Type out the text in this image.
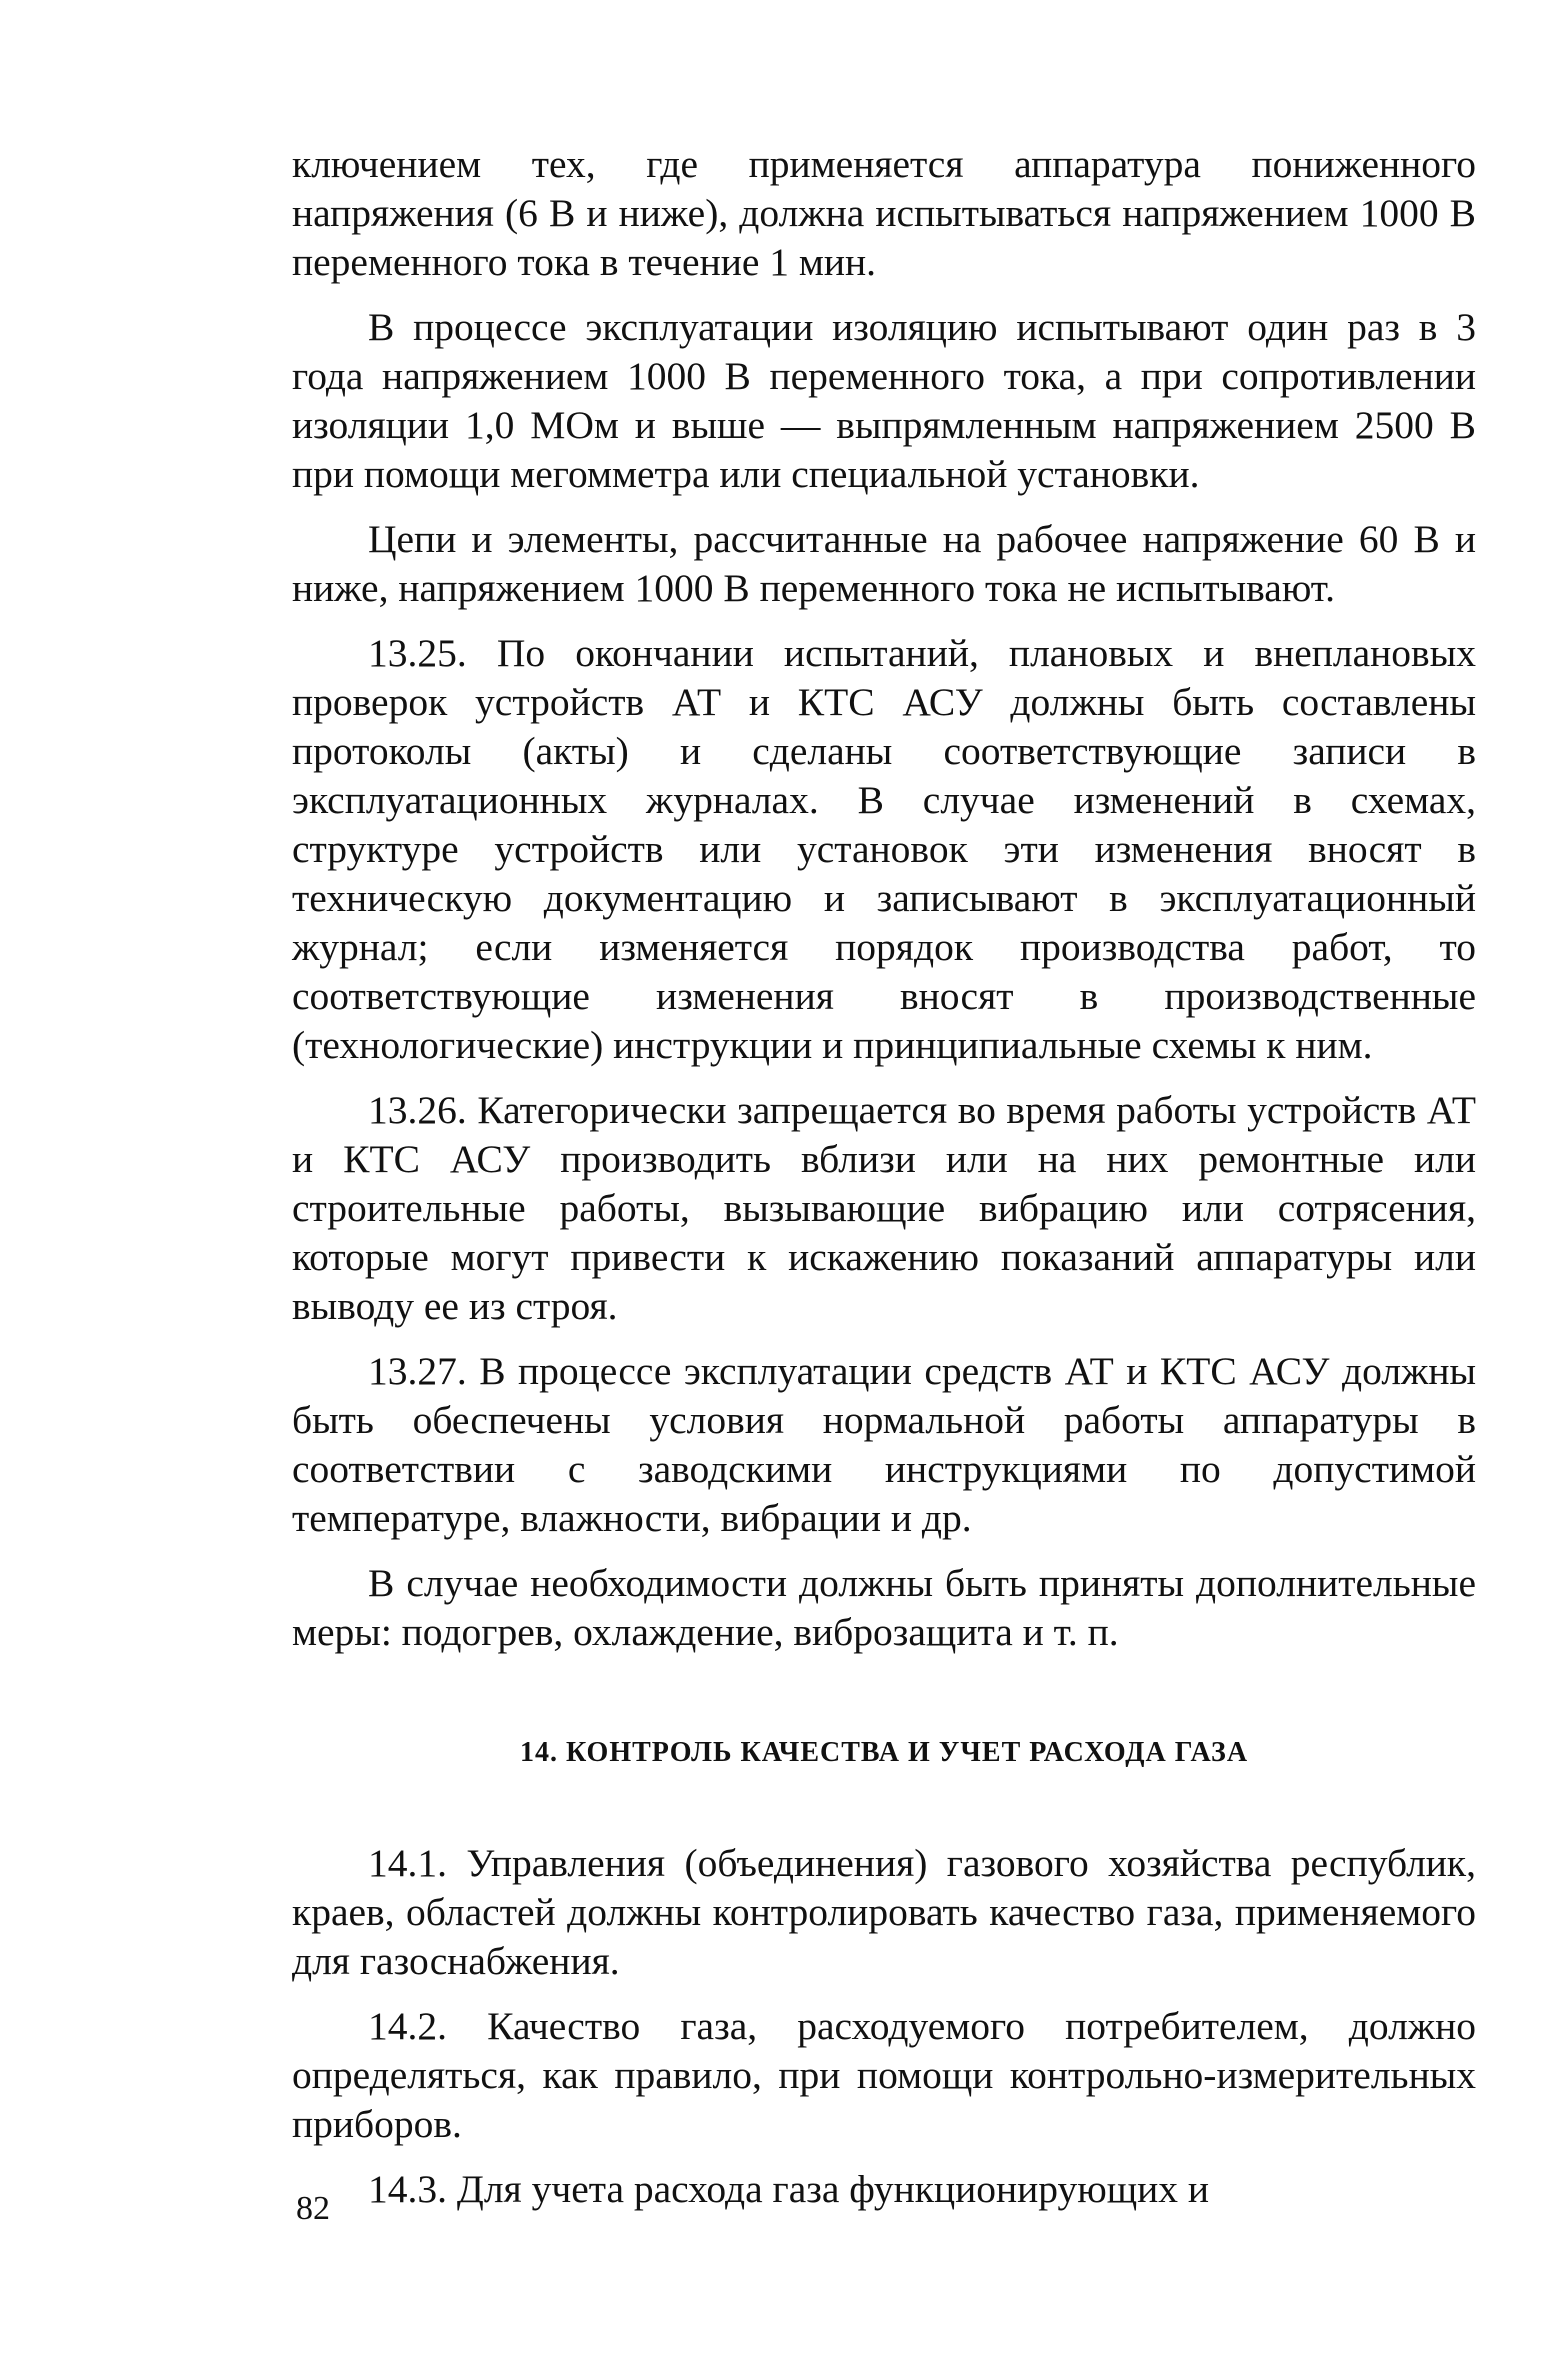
ключением тех, где применяется аппаратура пониженного напряжения (6 В и ниже), должна испытываться напряжением 1000 В переменного тока в течение 1 мин.

В процессе эксплуатации изоляцию испытывают один раз в 3 года напряжением 1000 В переменного тока, а при сопротивлении изоляции 1,0 МОм и выше — выпрямленным напряжением 2500 В при помощи мегомметра или специальной установки.

Цепи и элементы, рассчитанные на рабочее напряжение 60 В и ниже, напряжением 1000 В переменного тока не испытывают.

13.25. По окончании испытаний, плановых и внеплановых проверок устройств АТ и КТС АСУ должны быть составлены протоколы (акты) и сделаны соответствующие записи в эксплуатационных журналах. В случае изменений в схемах, структуре устройств или установок эти изменения вносят в техническую документацию и записывают в эксплуатационный журнал; если изменяется порядок производства работ, то соответствующие изменения вносят в производственные (технологические) инструкции и принципиальные схемы к ним.

13.26. Категорически запрещается во время работы устройств АТ и КТС АСУ производить вблизи или на них ремонтные или строительные работы, вызывающие вибрацию или сотрясения, которые могут привести к искажению показаний аппаратуры или выводу ее из строя.

13.27. В процессе эксплуатации средств АТ и КТС АСУ должны быть обеспечены условия нормальной работы аппаратуры в соответствии с заводскими инструкциями по допустимой температуре, влажности, вибрации и др.

В случае необходимости должны быть приняты дополнительные меры: подогрев, охлаждение, виброзащита и т. п.

14. КОНТРОЛЬ КАЧЕСТВА И УЧЕТ РАСХОДА ГАЗА

14.1. Управления (объединения) газового хозяйства республик, краев, областей должны контролировать качество газа, применяемого для газоснабжения.

14.2. Качество газа, расходуемого потребителем, должно определяться, как правило, при помощи контрольно-измерительных приборов.

14.3. Для учета расхода газа функционирующих и

82
